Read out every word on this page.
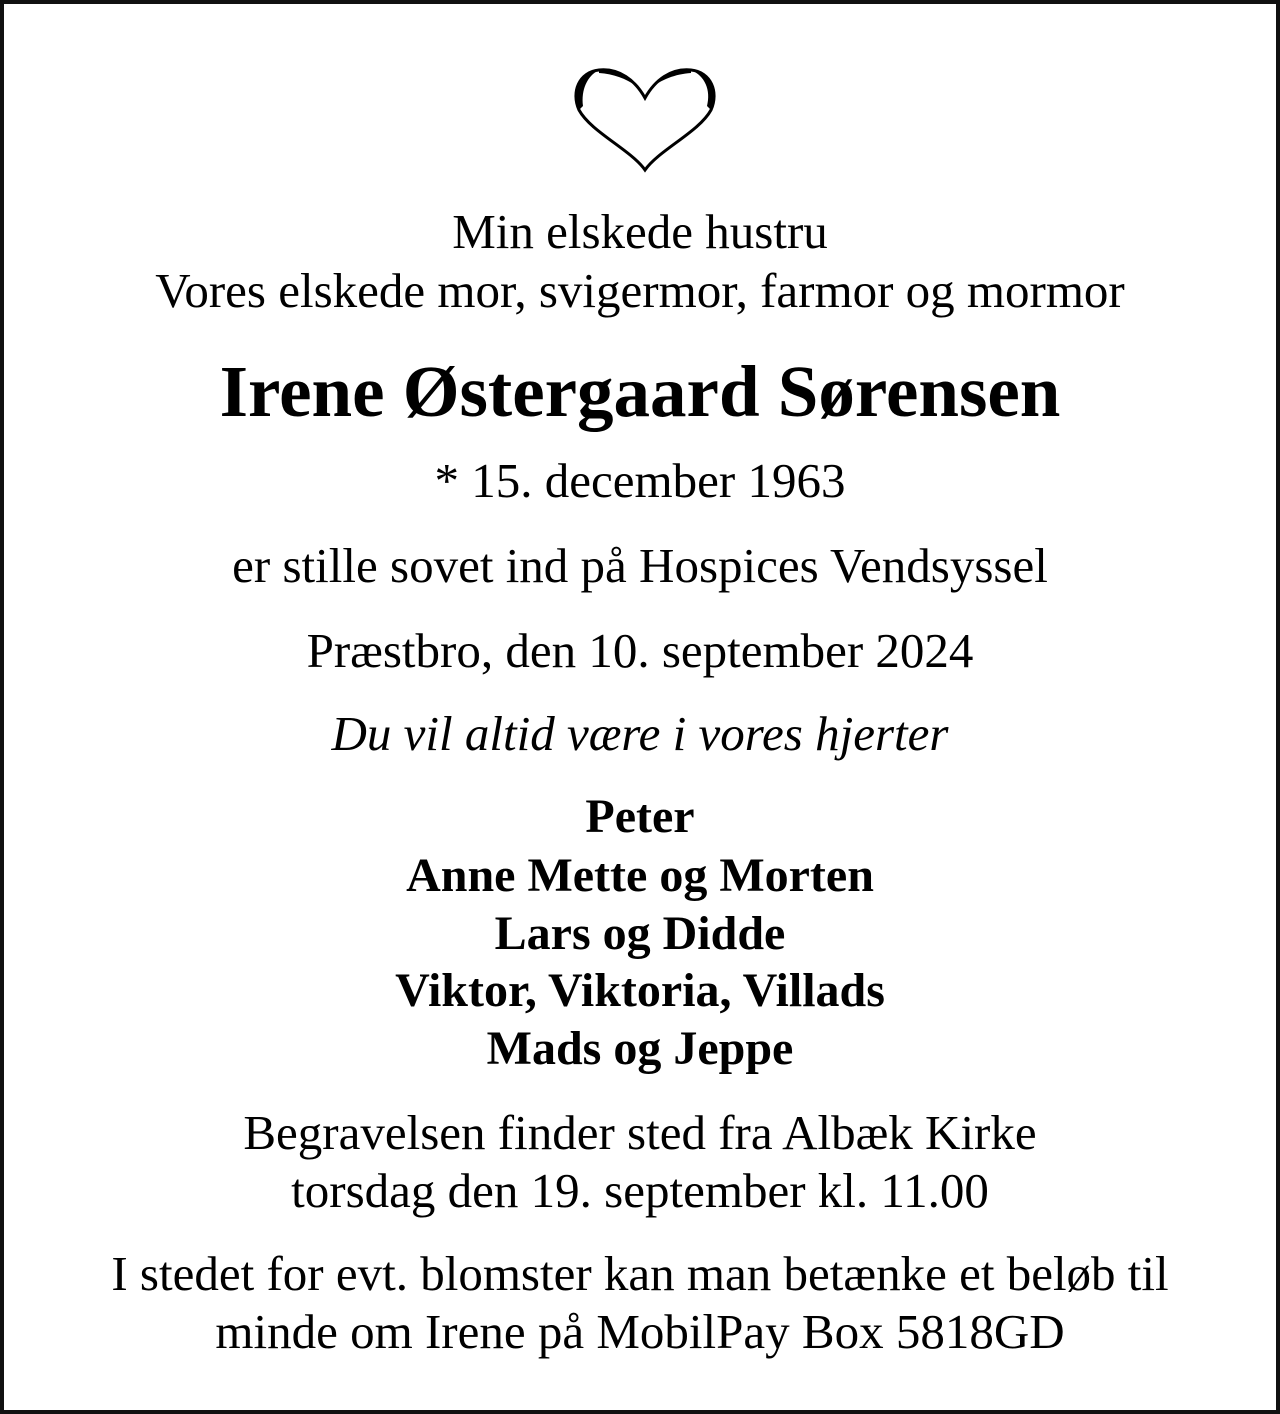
Min elskede hustru
Vores elskede mor, svigermor, farmor og mormor
Irene Østergaard Sørensen
* 15. december 1963
er stille sovet ind på Hospices Vendsyssel
Præstbro, den 10. september 2024
Du vil altid være i vores hjerter
Peter
Anne Mette og Morten
Lars og Didde
Viktor, Viktoria, Villads
Mads og Jeppe
Begravelsen finder sted fra Albæk Kirke
torsdag den 19. september kl. 11.00
I stedet for evt. blomster kan man betænke et beløb til
minde om Irene på MobilPay Box 5818GD
